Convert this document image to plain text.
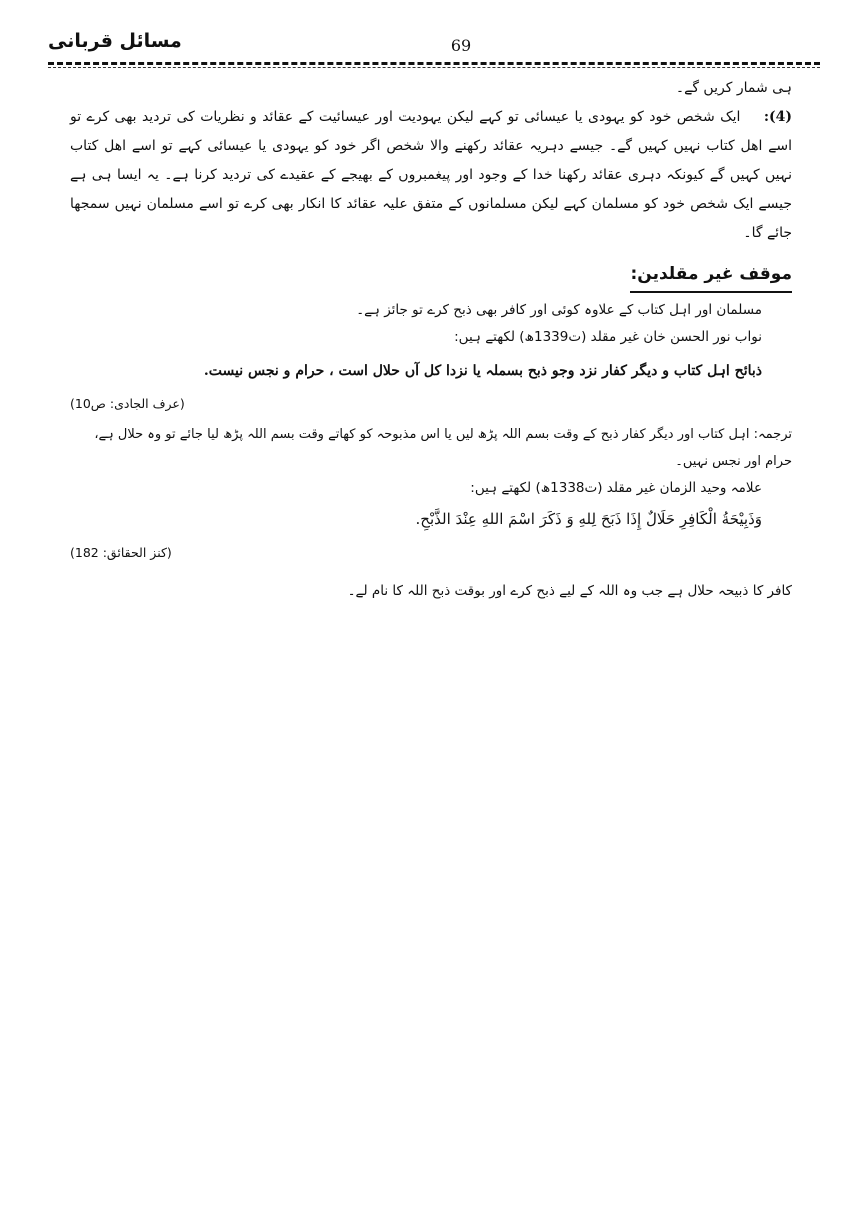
مسائل قربانی	69

ہی شمار کریں گے۔

(4): ایک شخص خود کو یہودی یا عیسائی تو کہے لیکن یہودیت اور عیسائیت کے عقائد و نظریات کی تردید بھی کرے تو اسے اھل کتاب نہیں کہیں گے۔ جیسے دہریہ عقائد رکھنے والا شخص اگر خود کو یہودی یا عیسائی کہے تو اسے اھل کتاب نہیں کہیں گے کیونکہ دہری عقائد رکھنا خدا کے وجود اور پیغمبروں کے بھیجے کے عقیدے کی تردید کرنا ہے۔ یہ ایسا ہی ہے جیسے ایک شخص خود کو مسلمان کہے لیکن مسلمانوں کے متفق علیہ عقائد کا انکار بھی کرے تو اسے مسلمان نہیں سمجھا جائے گا۔

موقف غیر مقلدین:

مسلمان اور اہل کتاب کے علاوہ کوئی اور کافر بھی ذبح کرے تو جائز ہے۔

نواب نور الحسن خان غیر مقلد (ت1339ھ) لکھتے ہیں:

ذبائح اہل کتاب و دیگر کفار نزد وجو ذبح بسملہ یا نزدا کل آں حلال است ، حرام و نجس نیست.
(عرف الجادی: ص10)

ترجمہ: اہل کتاب اور دیگر کفار ذبح کے وقت بسم اللہ پڑھ لیں یا اس مذبوحہ کو کھاتے وقت بسم اللہ پڑھ لیا جائے تو وہ حلال ہے، حرام اور نجس نہیں۔

علامہ وحید الزمان غیر مقلد (ت1338ھ) لکھتے ہیں:

وَذَبِيْحَةُ الْكَافِرِ حَلَالٌ إِذَا ذَبَحَ لِلهِ وَ ذَكَرَ اسْمَ اللهِ عِنْدَ الذَّبْحِ.
(کنز الحقائق: 182)

کافر کا ذبیحہ حلال ہے جب وہ اللہ کے لیے ذبح کرے اور بوقت ذبح اللہ کا نام لے۔
